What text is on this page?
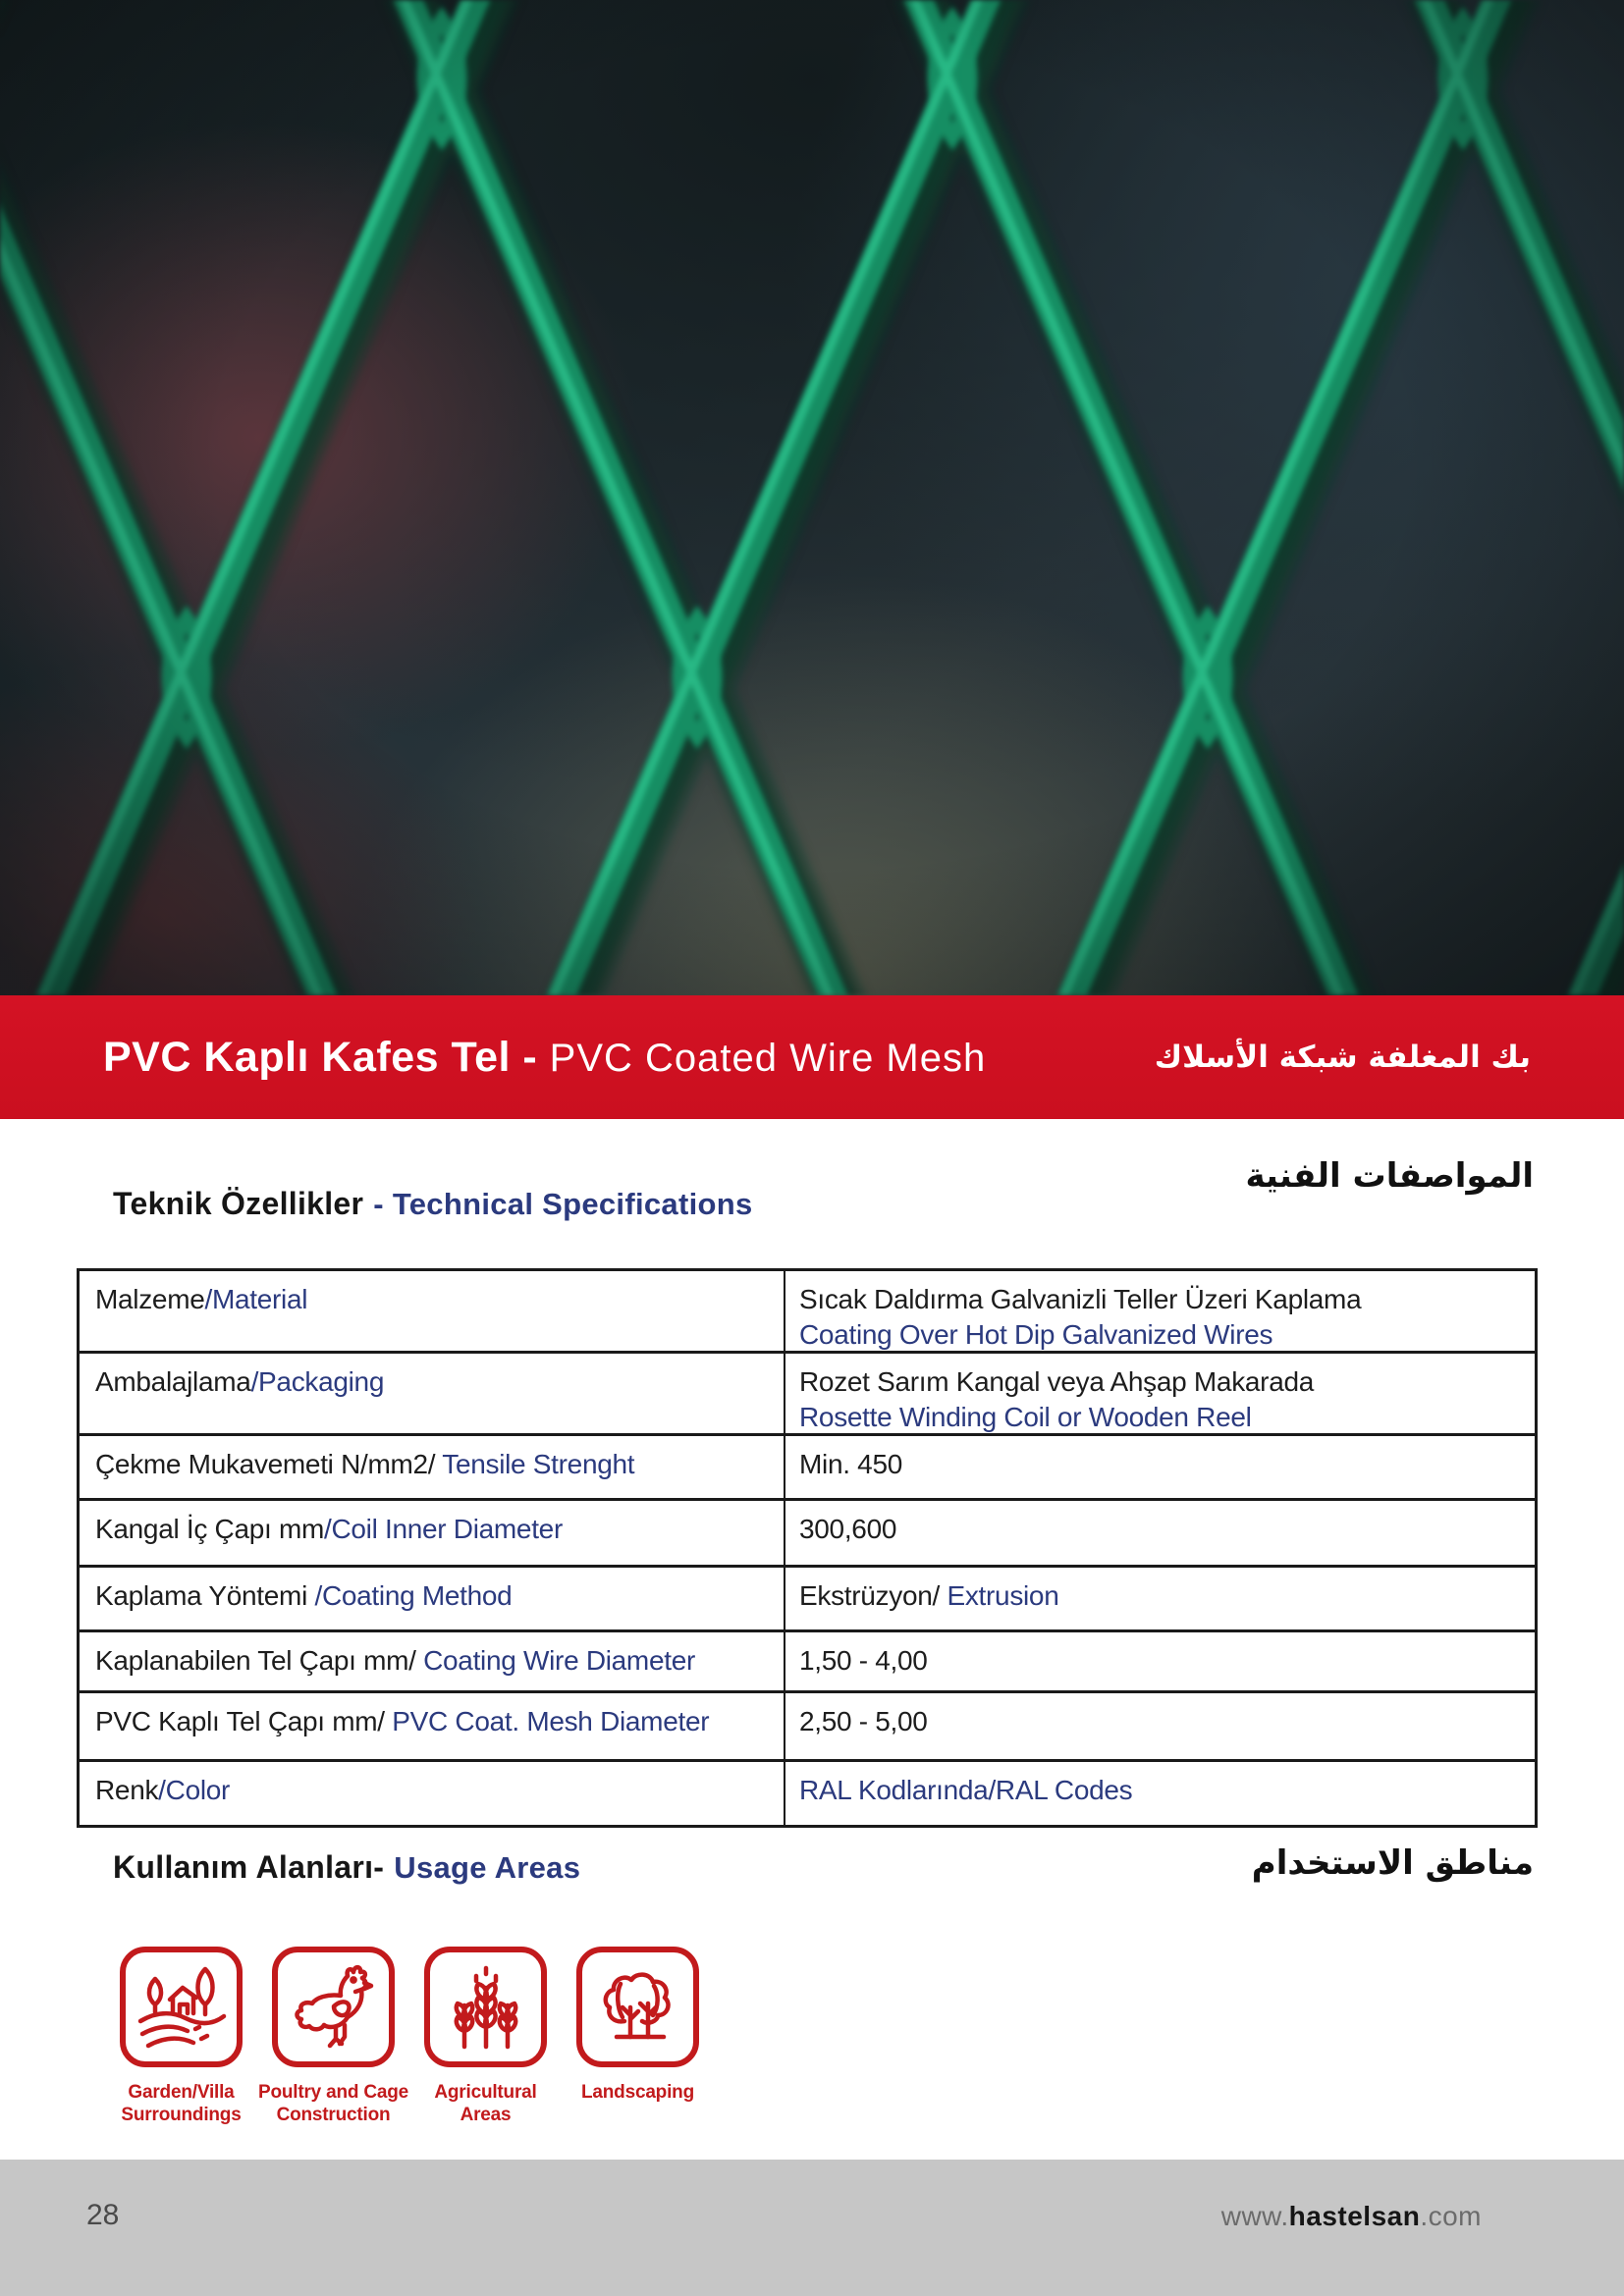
PVC Kaplı Kafes Tel - PVC Coated Wire Mesh	بك المغلفة شبكة الأسلاك
Teknik Özellikler - Technical Specifications
المواصفات الفنية
Malzeme/Material	Sıcak Daldırma Galvanizli Teller Üzeri Kaplama
Coating Over Hot Dip Galvanized Wires
Ambalajlama/Packaging	Rozet Sarım Kangal veya Ahşap Makarada
Rosette Winding Coil or Wooden Reel
Çekme Mukavemeti N/mm2/ Tensile Strenght	Min. 450
Kangal İç Çapı mm/Coil Inner Diameter	300,600
Kaplama Yöntemi /Coating Method	Ekstrüzyon/ Extrusion
Kaplanabilen Tel Çapı mm/ Coating Wire Diameter	1,50 - 4,00
PVC Kaplı Tel Çapı mm/ PVC Coat. Mesh Diameter	2,50 - 5,00
Renk/Color	RAL Kodlarında/RAL Codes
Kullanım Alanları- Usage Areas	مناطق الاستخدام
Garden/Villa
Surroundings
Poultry and Cage
Construction
Agricultural
Areas
Landscaping
28	www.hastelsan.com
